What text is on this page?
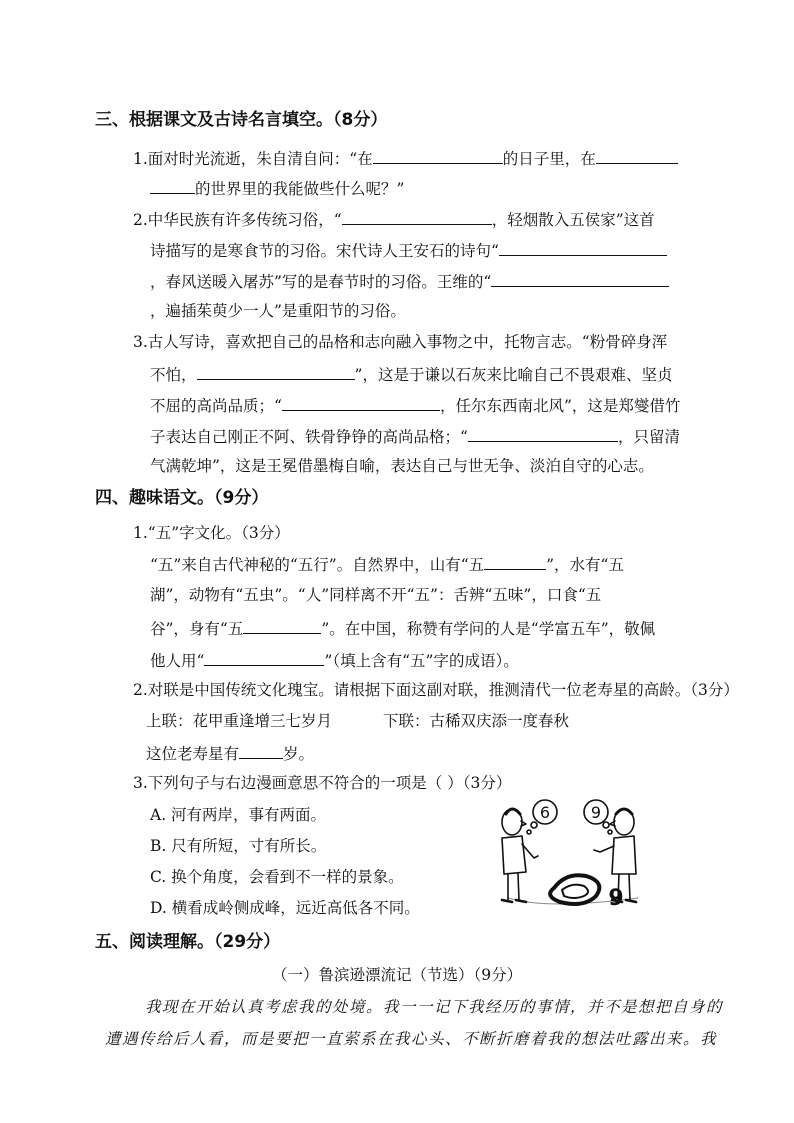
三、根据课文及古诗名言填空。（8分）
1.面对时光流逝，朱自清自问：“在	的日子里，在
的世界里的我能做些什么呢？”
2.中华民族有许多传统习俗，“	，轻烟散入五侯家”这首
诗描写的是寒食节的习俗。宋代诗人王安石的诗句“
，春风送暖入屠苏”写的是春节时的习俗。王维的“
，遍插茱萸少一人”是重阳节的习俗。
3.古人写诗，喜欢把自己的品格和志向融入事物之中，托物言志。“粉骨碎身浑
不怕，	”，这是于谦以石灰来比喻自己不畏艰难、坚贞
不屈的高尚品质；“	，任尔东西南北风”，这是郑燮借竹
子表达自己刚正不阿、铁骨铮铮的高尚品格；“	，只留清
气满乾坤”，这是王冕借墨梅自喻，表达自己与世无争、淡泊自守的心志。
四、趣味语文。（9分）
1.“五”字文化。（3分）
“五”来自古代神秘的“五行”。自然界中，山有“五	”，水有“五
湖”，动物有“五虫”。“人”同样离不开“五”：舌辨“五味”，口食“五
谷”，身有“五	”。在中国，称赞有学问的人是“学富五车”，敬佩
他人用“	”（填上含有“五”字的成语）。
2.对联是中国传统文化瑰宝。请根据下面这副对联，推测清代一位老寿星的高龄。（3分）
上联：花甲重逢增三七岁月	下联：古稀双庆添一度春秋
这位老寿星有	岁。
3.下列句子与右边漫画意思不符合的一项是（ ）（3分）
A. 河有两岸，事有两面。
B. 尺有所短，寸有所长。
C. 换个角度，会看到不一样的景象。
D. 横看成岭侧成峰，远近高低各不同。
6	9
9
五、阅读理解。（29分）
（一）鲁滨逊漂流记（节选）（9分）
我现在开始认真考虑我的处境。我一一记下我经历的事情，并不是想把自身的
遭遇传给后人看，而是要把一直萦系在我心头、不断折磨着我的想法吐露出来。我
